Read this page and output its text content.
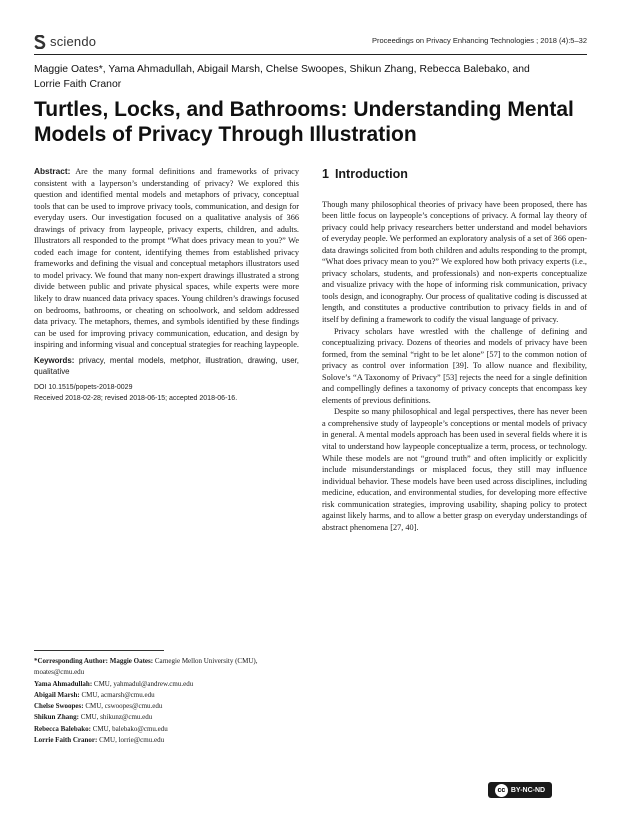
sciendo	Proceedings on Privacy Enhancing Technologies ; 2018 (4):5–32
Maggie Oates*, Yama Ahmadullah, Abigail Marsh, Chelse Swoopes, Shikun Zhang, Rebecca Balebako, and Lorrie Faith Cranor
Turtles, Locks, and Bathrooms: Understanding Mental Models of Privacy Through Illustration
Abstract: Are the many formal definitions and frameworks of privacy consistent with a layperson’s understanding of privacy? We explored this question and identified mental models and metaphors of privacy, conceptual tools that can be used to improve privacy tools, communication, and design for everyday users. Our investigation focused on a qualitative analysis of 366 drawings of privacy from laypeople, privacy experts, children, and adults. Illustrators all responded to the prompt “What does privacy mean to you?” We coded each image for content, identifying themes from established privacy frameworks and defining the visual and conceptual metaphors illustrators used to model privacy. We found that many non-expert drawings illustrated a strong divide between public and private physical spaces, while experts were more likely to draw nuanced data privacy spaces. Young children’s drawings focused on bedrooms, bathrooms, or cheating on schoolwork, and seldom addressed data privacy. The metaphors, themes, and symbols identified by these findings can be used for improving privacy communication, education, and design by inspiring and informing visual and conceptual strategies for reaching laypeople.
Keywords: privacy, mental models, metphor, illustration, drawing, user, qualitative
DOI 10.1515/popets-2018-0029
Received 2018-02-28; revised 2018-06-15; accepted 2018-06-16.
*Corresponding Author: Maggie Oates: Carnegie Mellon University (CMU), moates@cmu.edu
Yama Ahmadullah: CMU, yahmadul@andrew.cmu.edu
Abigail Marsh: CMU, acmarsh@cmu.edu
Chelse Swoopes: CMU, cswoopes@cmu.edu
Shikun Zhang: CMU, shikunz@cmu.edu
Rebecca Balebako: CMU, balebako@cmu.edu
Lorrie Faith Cranor: CMU, lorrie@cmu.edu
1 Introduction

Though many philosophical theories of privacy have been proposed, there has been little focus on laypeople’s conceptions of privacy. A formal lay theory of privacy could help privacy researchers better understand and model behaviors of everyday people. We performed an exploratory analysis of a set of 366 open-data drawings solicited from both children and adults responding to the prompt, “What does privacy mean to you?” We explored how both privacy experts (i.e., privacy scholars, students, and professionals) and non-experts conceptualize and visualize privacy with the hope of informing risk communication, privacy tools design, and iconography. Our process of qualitative coding is discussed at length, and constitutes a productive contribution to privacy fields in and of itself by defining a framework to codify the visual language of privacy.

Privacy scholars have wrestled with the challenge of defining and conceptualizing privacy. Dozens of theories and models of privacy have been formed, from the seminal “right to be let alone” [57] to the common notion of privacy as control over information [39]. To allow nuance and flexibility, Solove’s “A Taxonomy of Privacy” [53] rejects the need for a single definition and compellingly defines a taxonomy of privacy concepts that encompass key elements of previous definitions.

Despite so many philosophical and legal perspectives, there has never been a comprehensive study of laypeople’s conceptions or mental models of privacy in general. A mental models approach has been used in several fields where it is vital to understand how laypeople conceptualize a term, process, or technology. While these models are not “ground truth” and often implicitly or explicitly include misunderstandings or misplaced focus, they still may influence individual behavior. These models have been used across disciplines, including medicine, education, and environmental studies, for developing more effective risk communication strategies, improving usability, shaping policy to protect against likely harms, and to allow a better grasp on everyday understandings of abstract phenomena [27, 40].

cc BY-NC-ND
